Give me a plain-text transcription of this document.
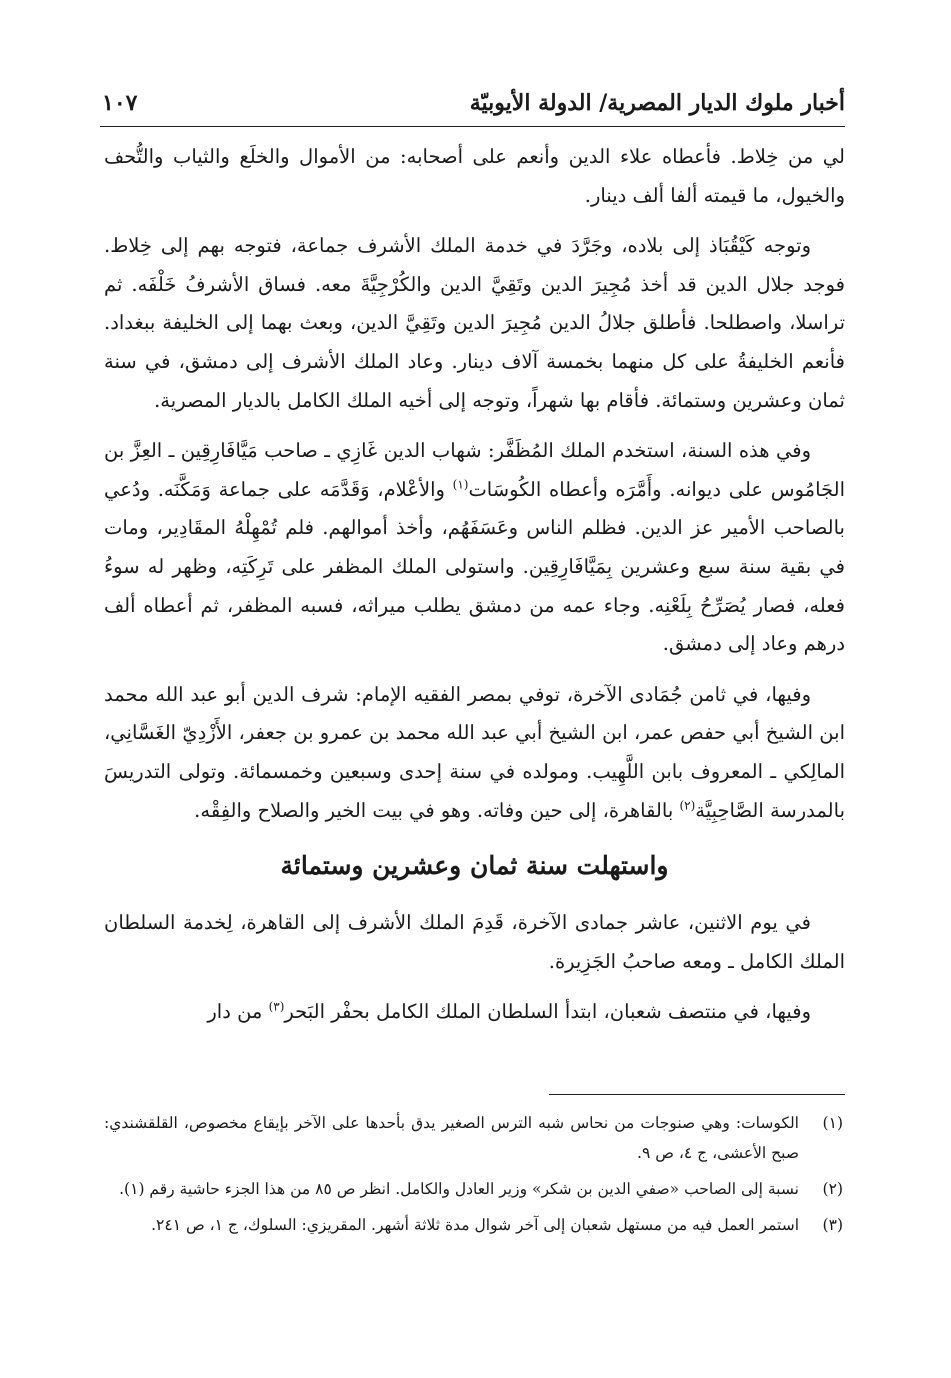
أخبار ملوك الديار المصرية/ الدولة الأيوبيّة
١٠٧

لي من خِلاط. فأعطاه علاء الدين وأنعم على أصحابه: من الأموال والخلَع والثياب والتُّحف والخيول، ما قيمته ألفا ألف دينار.

وتوجه كَيْقُبَاذ إلى بلاده، وجَرَّدَ في خدمة الملك الأشرف جماعة، فتوجه بهم إلى خِلاط. فوجد جلال الدين قد أخذ مُجِيرَ الدين وتَقِيَّ الدين والكُرْجِيَّةَ معه. فساق الأشرفُ خَلْفَه. ثم تراسلا، واصطلحا. فأطلق جلالُ الدين مُجِيرَ الدين وتَقِيَّ الدين، وبعث بهما إلى الخليفة ببغداد. فأنعم الخليفةُ على كل منهما بخمسة آلاف دينار. وعاد الملك الأشرف إلى دمشق، في سنة ثمان وعشرين وستمائة. فأقام بها شهراً، وتوجه إلى أخيه الملك الكامل بالديار المصرية.

وفي هذه السنة، استخدم الملك المُظَفَّر: شهاب الدين غَازِي ـ صاحب مَيَّافَارِقِين ـ العِزَّ بن الجَامُوس على ديوانه. وأَمَّرَه وأعطاه الكُوسَات$^{(١)}$ والأعْلام، وَقَدَّمَه على جماعة وَمَكَّنَه. ودُعي بالصاحب الأمير عز الدين. فظلم الناس وعَسَفَهُم، وأخذ أموالهم. فلم تُمْهِلْهُ المقَادِير، ومات في بقية سنة سبع وعشرين بِمَيَّافَارِقِين. واستولى الملك المظفر على تَرِكَتِه، وظهر له سوءُ فعله، فصار يُصَرِّحُ بِلَعْنِه. وجاء عمه من دمشق يطلب ميراثه، فسبه المظفر، ثم أعطاه ألف درهم وعاد إلى دمشق.

وفيها، في ثامن جُمَادى الآخرة، توفي بمصر الفقيه الإمام: شرف الدين أبو عبد الله محمد ابن الشيخ أبي حفص عمر، ابن الشيخ أبي عبد الله محمد بن عمرو بن جعفر، الأَزْدِيّ الغَسَّانِي، المالِكي ـ المعروف بابن اللَّهِيب. ومولده في سنة إحدى وسبعين وخمسمائة. وتولى التدريسَ بالمدرسة الصَّاحِبِيَّة$^{(٢)}$ بالقاهرة، إلى حين وفاته. وهو في بيت الخير والصلاح والفِقْه.

واستهلت سنة ثمان وعشرين وستمائة

في يوم الاثنين، عاشر جمادى الآخرة، قَدِمَ الملك الأشرف إلى القاهرة، لِخدمة السلطان الملك الكامل ـ ومعه صاحبُ الجَزِيرة.

وفيها، في منتصف شعبان، ابتدأ السلطان الملك الكامل بحفْر البَحر$^{(٣)}$ من دار

(١)
الكوسات: وهي صنوجات من نحاس شبه الترس الصغير يدق بأحدها على الآخر بإيقاع مخصوص، القلقشندي: صبح الأعشى، ج ٤، ص ٩.
(٢)
نسبة إلى الصاحب «صفي الدين بن شكر» وزير العادل والكامل. انظر ص ٨٥ من هذا الجزء حاشية رقم (١).
(٣)
استمر العمل فيه من مستهل شعبان إلى آخر شوال مدة ثلاثة أشهر. المقريزي: السلوك، ج ١، ص ٢٤١.
